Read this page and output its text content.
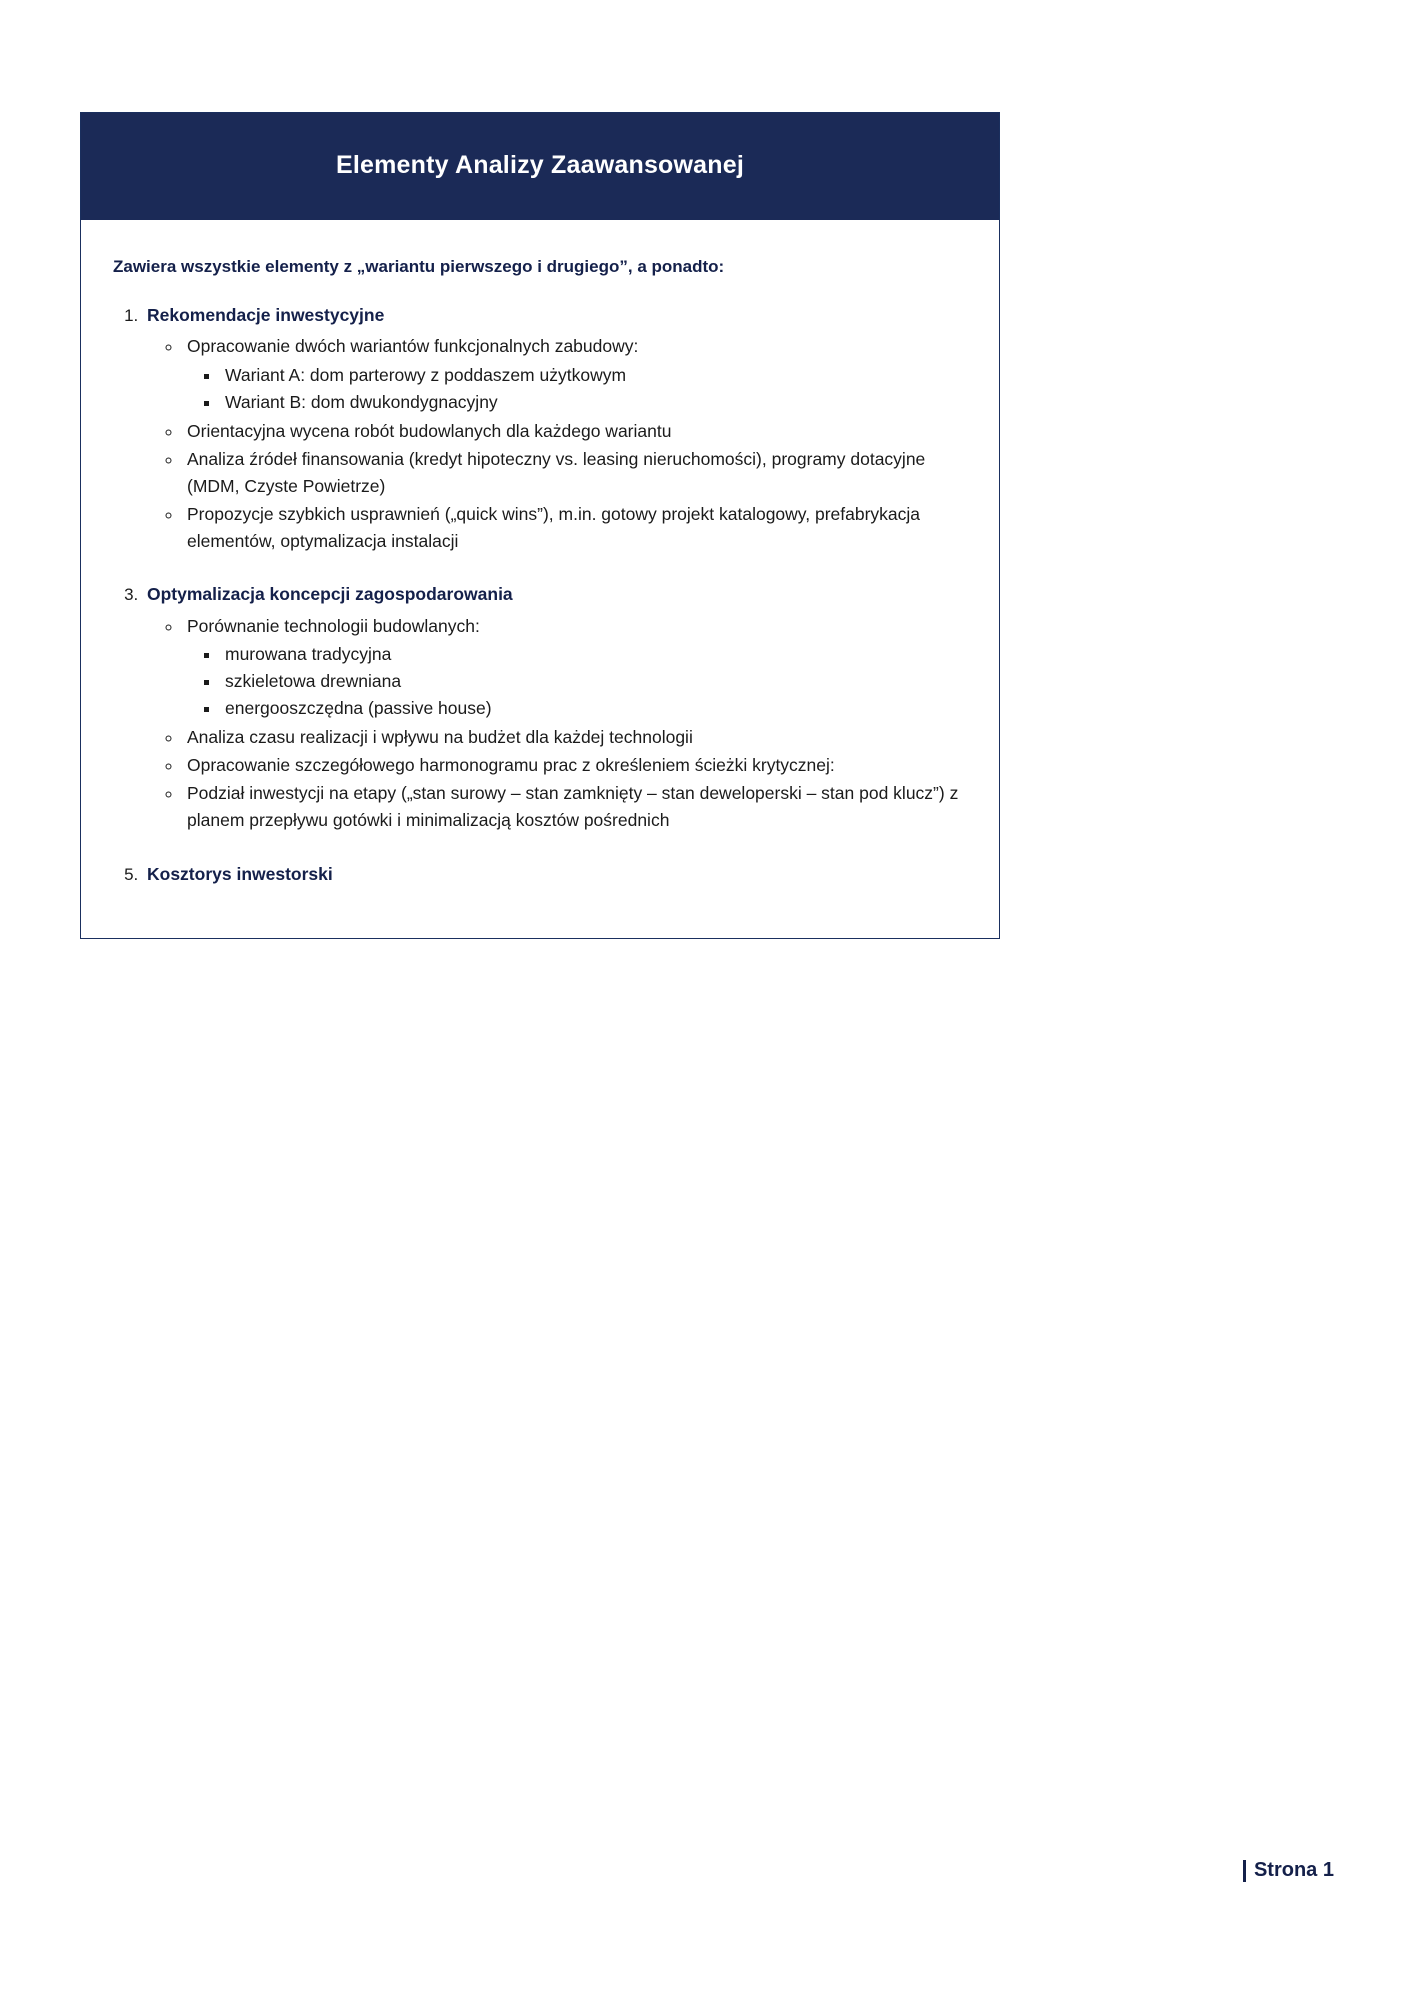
Elementy Analizy Zaawansowanej

Zawiera wszystkie elementy z „wariantu pierwszego i drugiego”, a ponadto:

1. Rekomendacje inwestycyjne
◦ Opracowanie dwóch wariantów funkcjonalnych zabudowy:
▪ Wariant A: dom parterowy z poddaszem użytkowym
▪ Wariant B: dom dwukondygnacyjny
◦ Orientacyjna wycena robót budowlanych dla każdego wariantu
◦ Analiza źródeł finansowania (kredyt hipoteczny vs. leasing nieruchomości), programy dotacyjne (MDM, Czyste Powietrze)
◦ Propozycje szybkich usprawnień („quick wins”), m.in. gotowy projekt katalogowy, prefabrykacja elementów, optymalizacja instalacji
3. Optymalizacja koncepcji zagospodarowania
◦ Porównanie technologii budowlanych:
▪ murowana tradycyjna
▪ szkieletowa drewniana
▪ energooszczędna (passive house)
◦ Analiza czasu realizacji i wpływu na budżet dla każdej technologii
◦ Opracowanie szczegółowego harmonogramu prac z określeniem ścieżki krytycznej:
◦ Podział inwestycji na etapy („stan surowy – stan zamknięty – stan deweloperski – stan pod klucz”) z planem przepływu gotówki i minimalizacją kosztów pośrednich
5. Kosztorys inwestorski
Strona 1
